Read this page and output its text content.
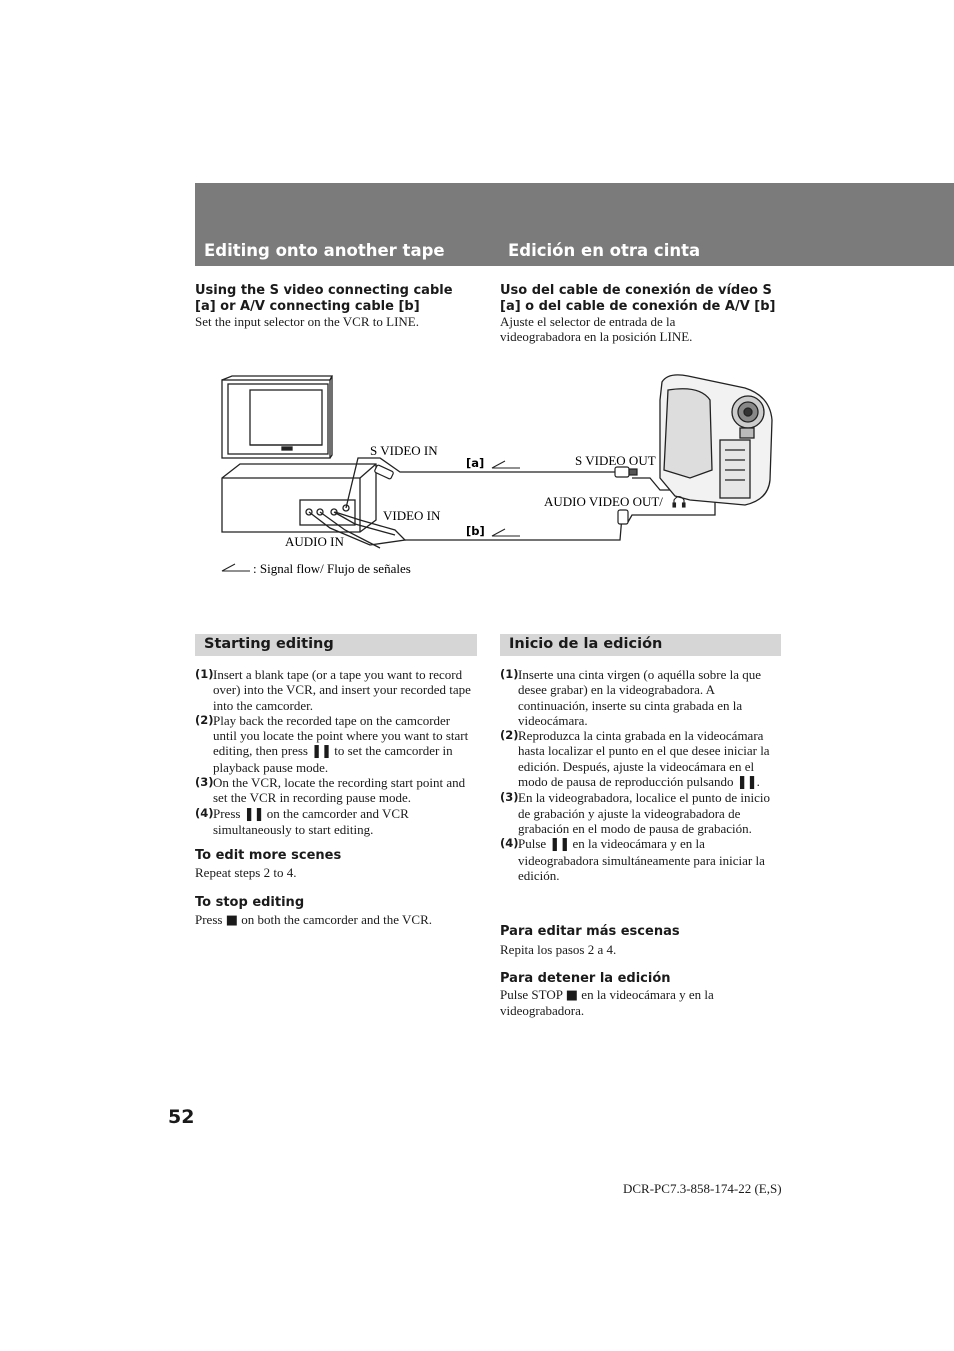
Editing onto another tape	Edición en otra cinta

Using the S video connecting cable [a] or A/V connecting cable [b]

Set the input selector on the VCR to LINE.

Uso del cable de conexión de vídeo S [a] o del cable de conexión de A/V [b]

Ajuste el selector de entrada de la videograbadora en la posición LINE.
S VIDEO IN
VIDEO IN
AUDIO IN
S VIDEO OUT
AUDIO VIDEO OUT/
[a]
[b]
: Signal flow/ Flujo de señales
Starting editing
(1) Insert a blank tape (or a tape you want to record over) into the VCR, and insert your recorded tape into the camcorder.
(2) Play back the recorded tape on the camcorder until you locate the point where you want to start editing, then press ❚❚ to set the camcorder in playback pause mode.
(3) On the VCR, locate the recording start point and set the VCR in recording pause mode.
(4) Press ❚❚ on the camcorder and VCR simultaneously to start editing.

To edit more scenes

Repeat steps 2 to 4.

To stop editing

Press ■ on both the camcorder and the VCR.
Inicio de la edición
(1) Inserte una cinta virgen (o aquélla sobre la que desee grabar) en la videograbadora. A continuación, inserte su cinta grabada en la videocámara.
(2) Reproduzca la cinta grabada en la videocámara hasta localizar el punto en el que desee iniciar la edición. Después, ajuste la videocámara en el modo de pausa de reproducción pulsando ❚❚.
(3) En la videograbadora, localice el punto de inicio de grabación y ajuste la videograbadora de grabación en el modo de pausa de grabación.
(4) Pulse ❚❚ en la videocámara y en la videograbadora simultáneamente para iniciar la edición.

Para editar más escenas

Repita los pasos 2 a 4.

Para detener la edición

Pulse STOP ■ en la videocámara y en la videograbadora.
52
DCR-PC7.3-858-174-22 (E,S)
